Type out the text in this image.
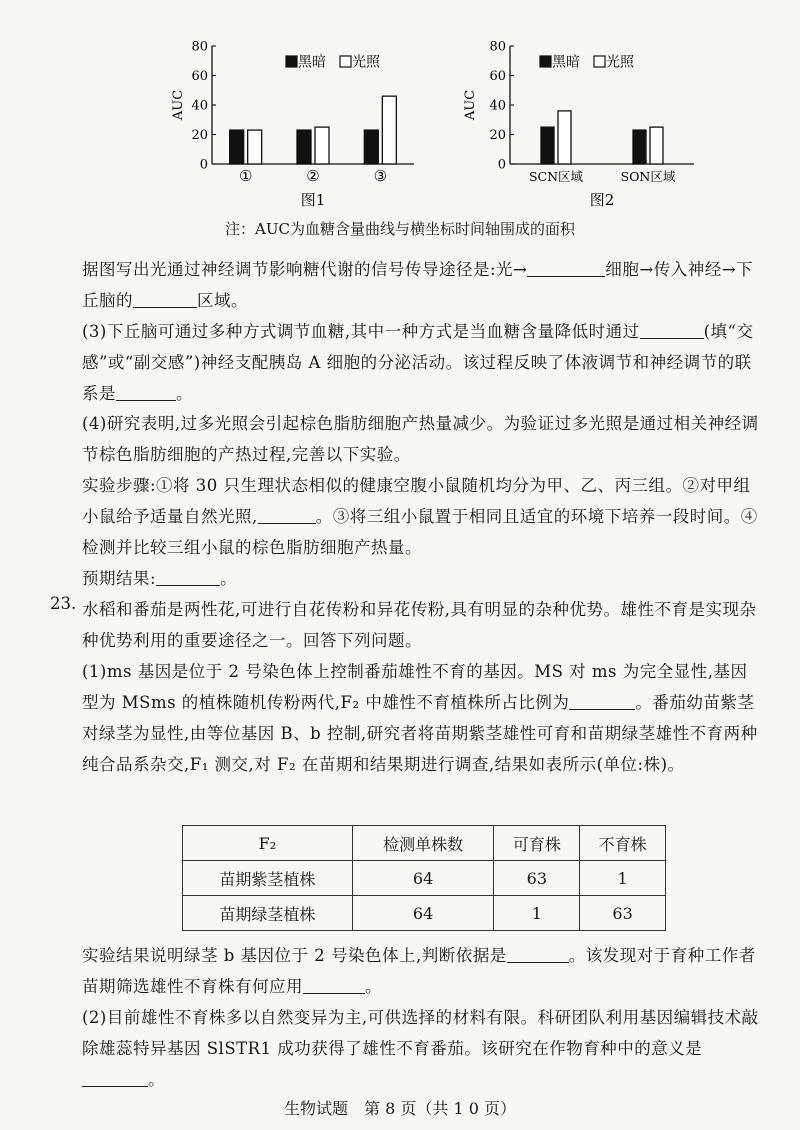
0
20
40
60
80
AUC
①	②	③
黑暗 光照
图1
0
20
40
60
80
AUC
SCN区域	SON区域
黑暗 光照
图2
注：AUC为血糖含量曲线与横坐标时间轴围成的面积
据图写出光通过神经调节影响糖代谢的信号传导途径是:光→	细胞→传入神经→下丘脑的	区域。
(3)下丘脑可通过多种方式调节血糖,其中一种方式是当血糖含量降低时通过	(填“交感”或“副交感”)神经支配胰岛 A 细胞的分泌活动。该过程反映了体液调节和神经调节的联系是	。
(4)研究表明,过多光照会引起棕色脂肪细胞产热量减少。为验证过多光照是通过相关神经调节棕色脂肪细胞的产热过程,完善以下实验。
实验步骤:①将 30 只生理状态相似的健康空腹小鼠随机均分为甲、乙、丙三组。②对甲组小鼠给予适量自然光照,	。③将三组小鼠置于相同且适宜的环境下培养一段时间。④检测并比较三组小鼠的棕色脂肪细胞产热量。
预期结果:	。
23. 水稻和番茄是两性花,可进行自花传粉和异花传粉,具有明显的杂种优势。雄性不育是实现杂种优势利用的重要途径之一。回答下列问题。
(1)ms 基因是位于 2 号染色体上控制番茄雄性不育的基因。MS 对 ms 为完全显性,基因型为 MSms 的植株随机传粉两代,F₂ 中雄性不育植株所占比例为	。番茄幼苗紫茎对绿茎为显性,由等位基因 B、b 控制,研究者将苗期紫茎雄性可育和苗期绿茎雄性不育两种纯合品系杂交,F₁ 测交,对 F₂ 在苗期和结果期进行调查,结果如表所示(单位:株)。
F₂	检测单株数	可育株	不育株
苗期紫茎植株	64	63	1
苗期绿茎植株	64	1	63
实验结果说明绿茎 b 基因位于 2 号染色体上,判断依据是	。该发现对于育种工作者苗期筛选雄性不育株有何应用	。
(2)目前雄性不育株多以自然变异为主,可供选择的材料有限。科研团队利用基因编辑技术敲除雄蕊特异基因 SlSTR1 成功获得了雄性不育番茄。该研究在作物育种中的意义是。
生物试题　第 8 页（共 1 0 页）
